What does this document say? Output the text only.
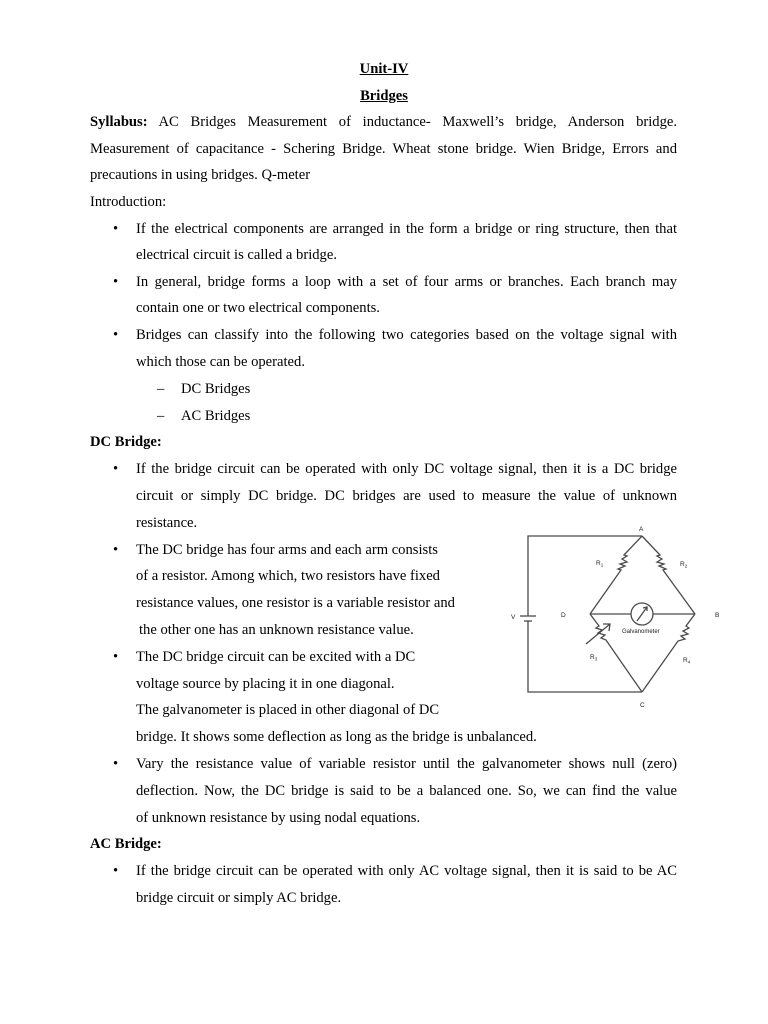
Unit-IV
Bridges
Syllabus: AC Bridges Measurement of inductance- Maxwell’s bridge, Anderson bridge.
Measurement of capacitance - Schering Bridge. Wheat stone bridge. Wien Bridge, Errors and
precautions in using bridges. Q-meter
Introduction:
• If the electrical components are arranged in the form a bridge or ring structure, then that
electrical circuit is called a bridge.
• In general, bridge forms a loop with a set of four arms or branches. Each branch may
contain one or two electrical components.
• Bridges can classify into the following two categories based on the voltage signal with
which those can be operated.
– DC Bridges
– AC Bridges
DC Bridge:
• If the bridge circuit can be operated with only DC voltage signal, then it is a DC bridge
circuit or simply DC bridge. DC bridges are used to measure the value of unknown
resistance.
• The DC bridge has four arms and each arm consists
of a resistor. Among which, two resistors have fixed
resistance values, one resistor is a variable resistor and
the other one has an unknown resistance value.
• The DC bridge circuit can be excited with a DC
voltage source by placing it in one diagonal.
The galvanometer is placed in other diagonal of DC
bridge. It shows some deflection as long as the bridge is unbalanced.
• Vary the resistance value of variable resistor until the galvanometer shows null (zero)
deflection. Now, the DC bridge is said to be a balanced one. So, we can find the value
of unknown resistance by using nodal equations.
AC Bridge:
• If the bridge circuit can be operated with only AC voltage signal, then it is said to be AC
bridge circuit or simply AC bridge.
A
B
C
D
V
$R_1$	$R_2$
$R_3$	$R_4$
Galvanometer
